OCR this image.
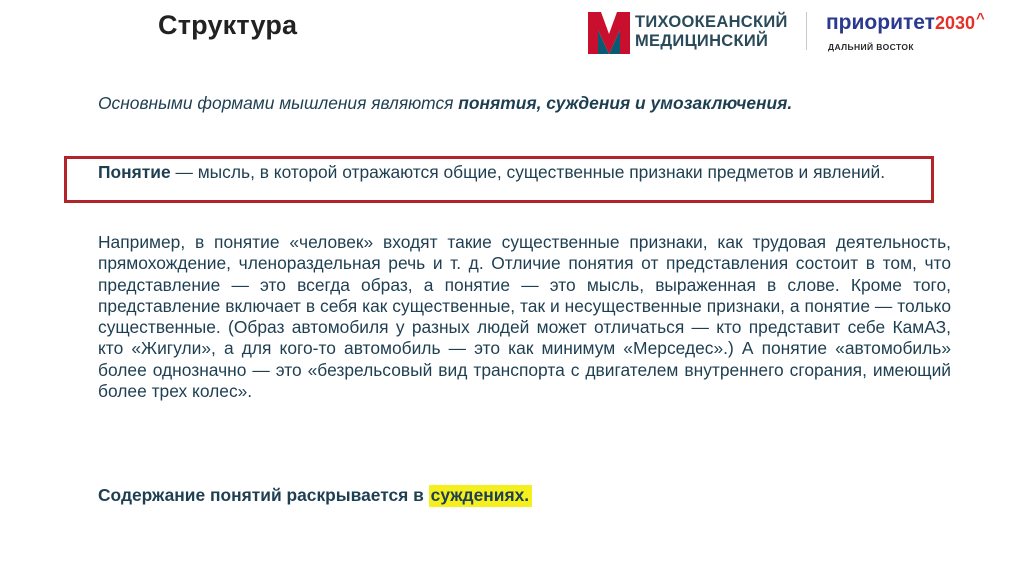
Структура	ТИХООКЕАНСКИЙ
МЕДИЦИНСКИЙ
приоритет2030^
ДАЛЬНИЙ ВОСТОК

Основными формами мышления являются понятия, суждения и умозаключения.

Понятие — мысль, в которой отражаются общие, существенные признаки предметов и явлений.

Например, в понятие «человек» входят такие существенные признаки, как трудовая деятельность, прямохождение, членораздельная речь и т. д. Отличие понятия от представления состоит в том, что представление — это всегда образ, а понятие — это мысль, выраженная в слове. Кроме того, представление включает в себя как существенные, так и несущественные признаки, а понятие — только существенные. (Образ автомобиля у разных людей может отличаться — кто представит себе КамАЗ, кто «Жигули», а для кого-то автомобиль — это как минимум «Мерседес».) А понятие «автомобиль» более однозначно — это «безрельсовый вид транспорта с двигателем внутреннего сгорания, имеющий более трех колес».

Содержание понятий раскрывается в суждениях.
